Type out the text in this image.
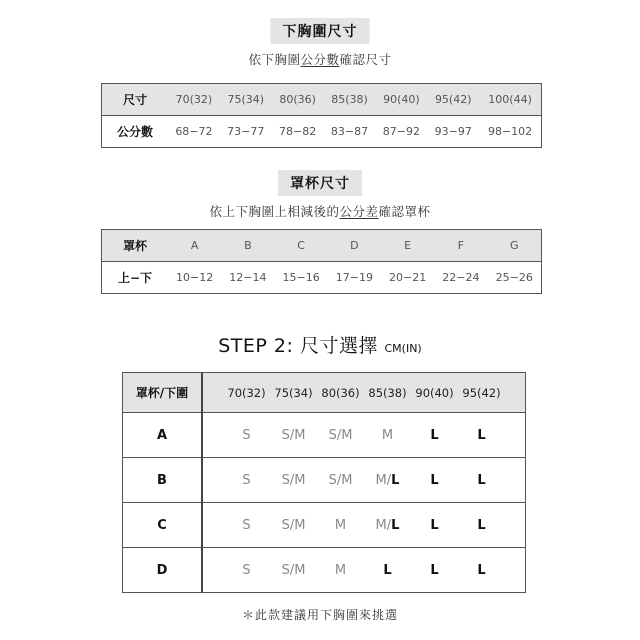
下胸圍尺寸
依下胸圍公分數確認尺寸
尺寸	70(32)	75(34)	80(36)	85(38)	90(40)	95(42)	100(44)
公分數	68−72	73−77	78−82	83−87	87−92	93−97	98−102
罩杯尺寸
依上下胸圍上相減後的公分差確認罩杯
罩杯	A	B	C	D	E	F	G
上−下	10−12	12−14	15−16	17−19	20−21	22−24	25−26
STEP 2: 尺寸選擇 CM(IN)
罩杯/下圍		70(32)	75(34)	80(36)	85(38)	90(40)	95(42)	
A		S	S/M	S/M	M	L	L	
B		S	S/M	S/M	M/L	L	L	
C		S	S/M	M	M/L	L	L	
D		S	S/M	M	L	L	L	
＊此款建議用下胸圍來挑選
